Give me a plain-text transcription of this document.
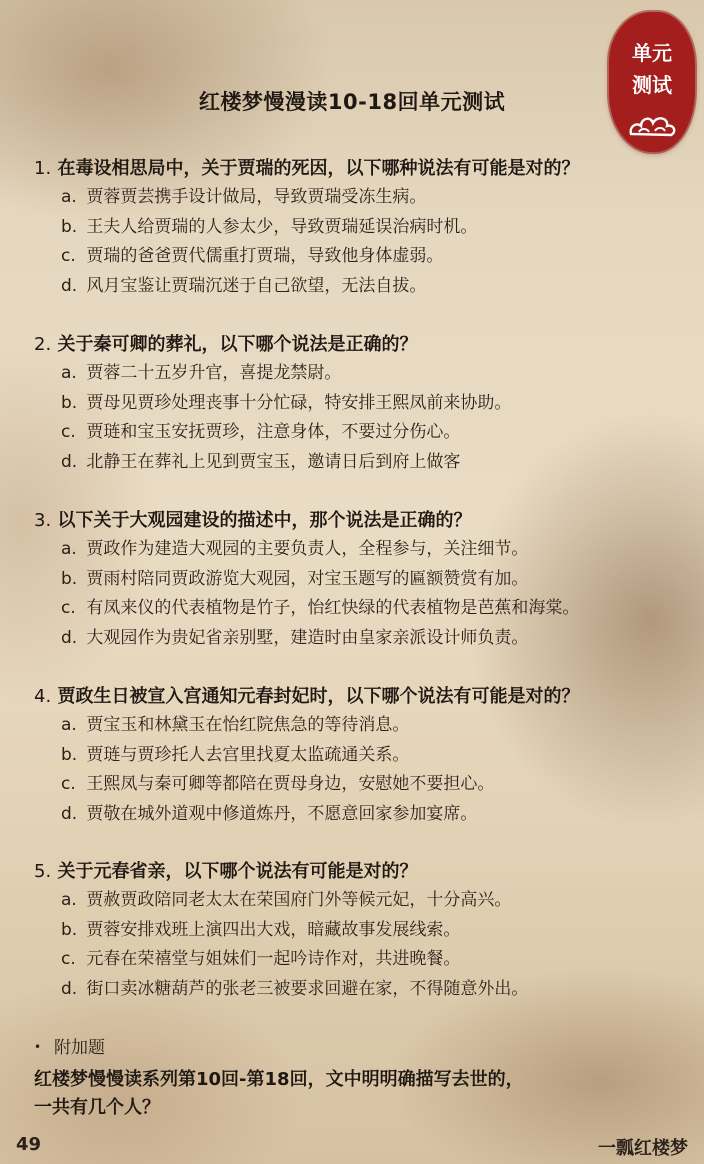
单元
测试
红楼梦慢漫读10-18回单元测试
1. 在毒设相思局中，关于贾瑞的死因，以下哪种说法有可能是对的？
a. 贾蓉贾芸携手设计做局，导致贾瑞受冻生病。
b. 王夫人给贾瑞的人参太少，导致贾瑞延误治病时机。
c. 贾瑞的爸爸贾代儒重打贾瑞，导致他身体虚弱。
d. 风月宝鉴让贾瑞沉迷于自己欲望，无法自拔。
2. 关于秦可卿的葬礼，以下哪个说法是正确的？
a. 贾蓉二十五岁升官，喜提龙禁尉。
b. 贾母见贾珍处理丧事十分忙碌，特安排王熙凤前来协助。
c. 贾琏和宝玉安抚贾珍，注意身体，不要过分伤心。
d. 北静王在葬礼上见到贾宝玉，邀请日后到府上做客
3. 以下关于大观园建设的描述中，那个说法是正确的？
a. 贾政作为建造大观园的主要负责人，全程参与，关注细节。
b. 贾雨村陪同贾政游览大观园，对宝玉题写的匾额赞赏有加。
c. 有凤来仪的代表植物是竹子，怡红快绿的代表植物是芭蕉和海棠。
d. 大观园作为贵妃省亲别墅，建造时由皇家亲派设计师负责。
4. 贾政生日被宣入宫通知元春封妃时，以下哪个说法有可能是对的？
a. 贾宝玉和林黛玉在怡红院焦急的等待消息。
b. 贾琏与贾珍托人去宫里找夏太监疏通关系。
c. 王熙凤与秦可卿等都陪在贾母身边，安慰她不要担心。
d. 贾敬在城外道观中修道炼丹，不愿意回家参加宴席。
5. 关于元春省亲，以下哪个说法有可能是对的？
a. 贾赦贾政陪同老太太在荣国府门外等候元妃，十分高兴。
b. 贾蓉安排戏班上演四出大戏，暗藏故事发展线索。
c. 元春在荣禧堂与姐妹们一起吟诗作对，共进晚餐。
d. 街口卖冰糖葫芦的张老三被要求回避在家，不得随意外出。
• 附加题
红楼梦慢慢读系列第10回-第18回，文中明明确描写去世的，
一共有几个人？
49	一瓢红楼梦
